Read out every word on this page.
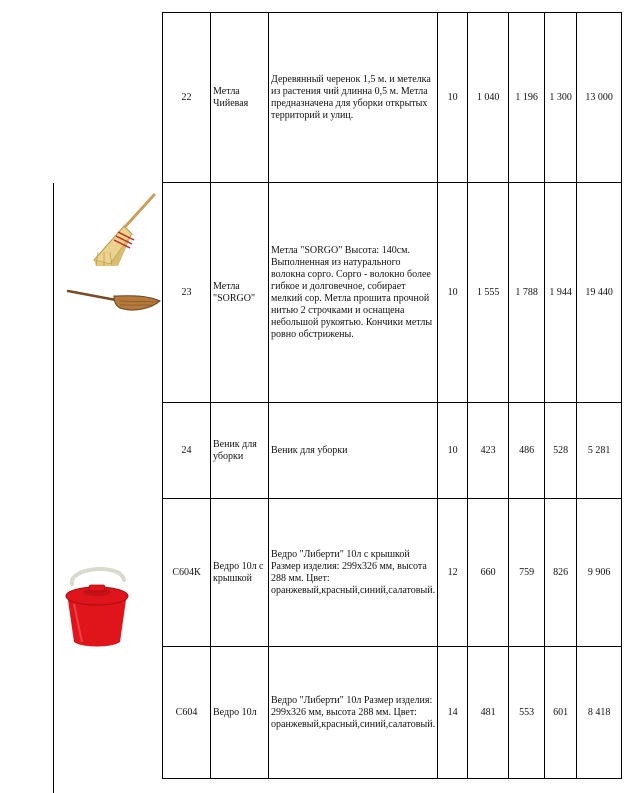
22	Метла Чийевая	Деревянный черенок 1,5 м. и метелка из растения чий длинна 0,5 м. Метла предназначена для уборки открытых территорий и улиц.	10	1 040	1 196	1 300	13 000
23	Метла "SORGO"	Метла "SORGO" Высота: 140см. Выполненная из натурального волокна сорго. Сорго - волокно более гибкое и долговечное, собирает мелкий сор. Метла прошита прочной нитью 2 строчками и оснащена небольшой рукоятью. Кончики метлы ровно обстрижены.	10	1 555	1 788	1 944	19 440
24	Веник для уборки	Веник для уборки	10	423	486	528	5 281
С604К	Ведро 10л с крышкой	Ведро "Либерти" 10л с крышкой Размер изделия: 299x326 мм, высота 288 мм. Цвет: оранжевый,красный,синий,салатовый.	12	660	759	826	9 906
С604	Ведро 10л	Ведро "Либерти" 10л Размер изделия: 299x326 мм, высота 288 мм. Цвет: оранжевый,красный,синий,салатовый.	14	481	553	601	8 418
